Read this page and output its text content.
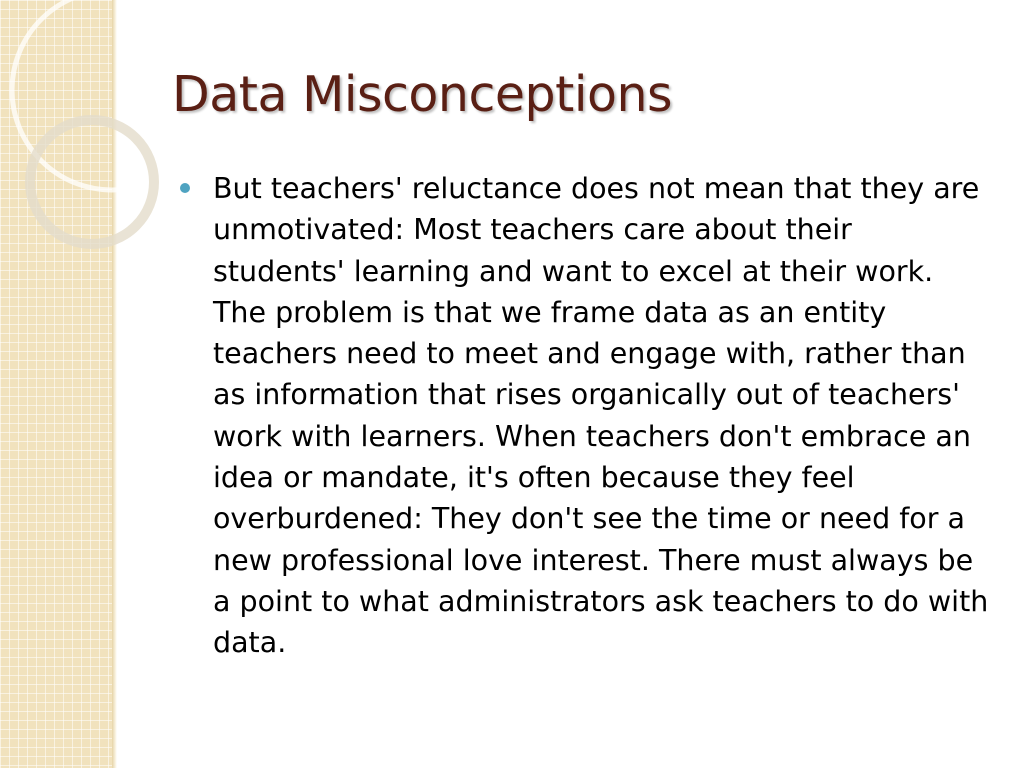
Data Misconceptions

But teachers' reluctance does not mean that they are unmotivated: Most teachers care about their students' learning and want to excel at their work. The problem is that we frame data as an entity teachers need to meet and engage with, rather than as information that rises organically out of teachers' work with learners. When teachers don't embrace an idea or mandate, it's often because they feel overburdened: They don't see the time or need for a new professional love interest. There must always be a point to what administrators ask teachers to do with data.
